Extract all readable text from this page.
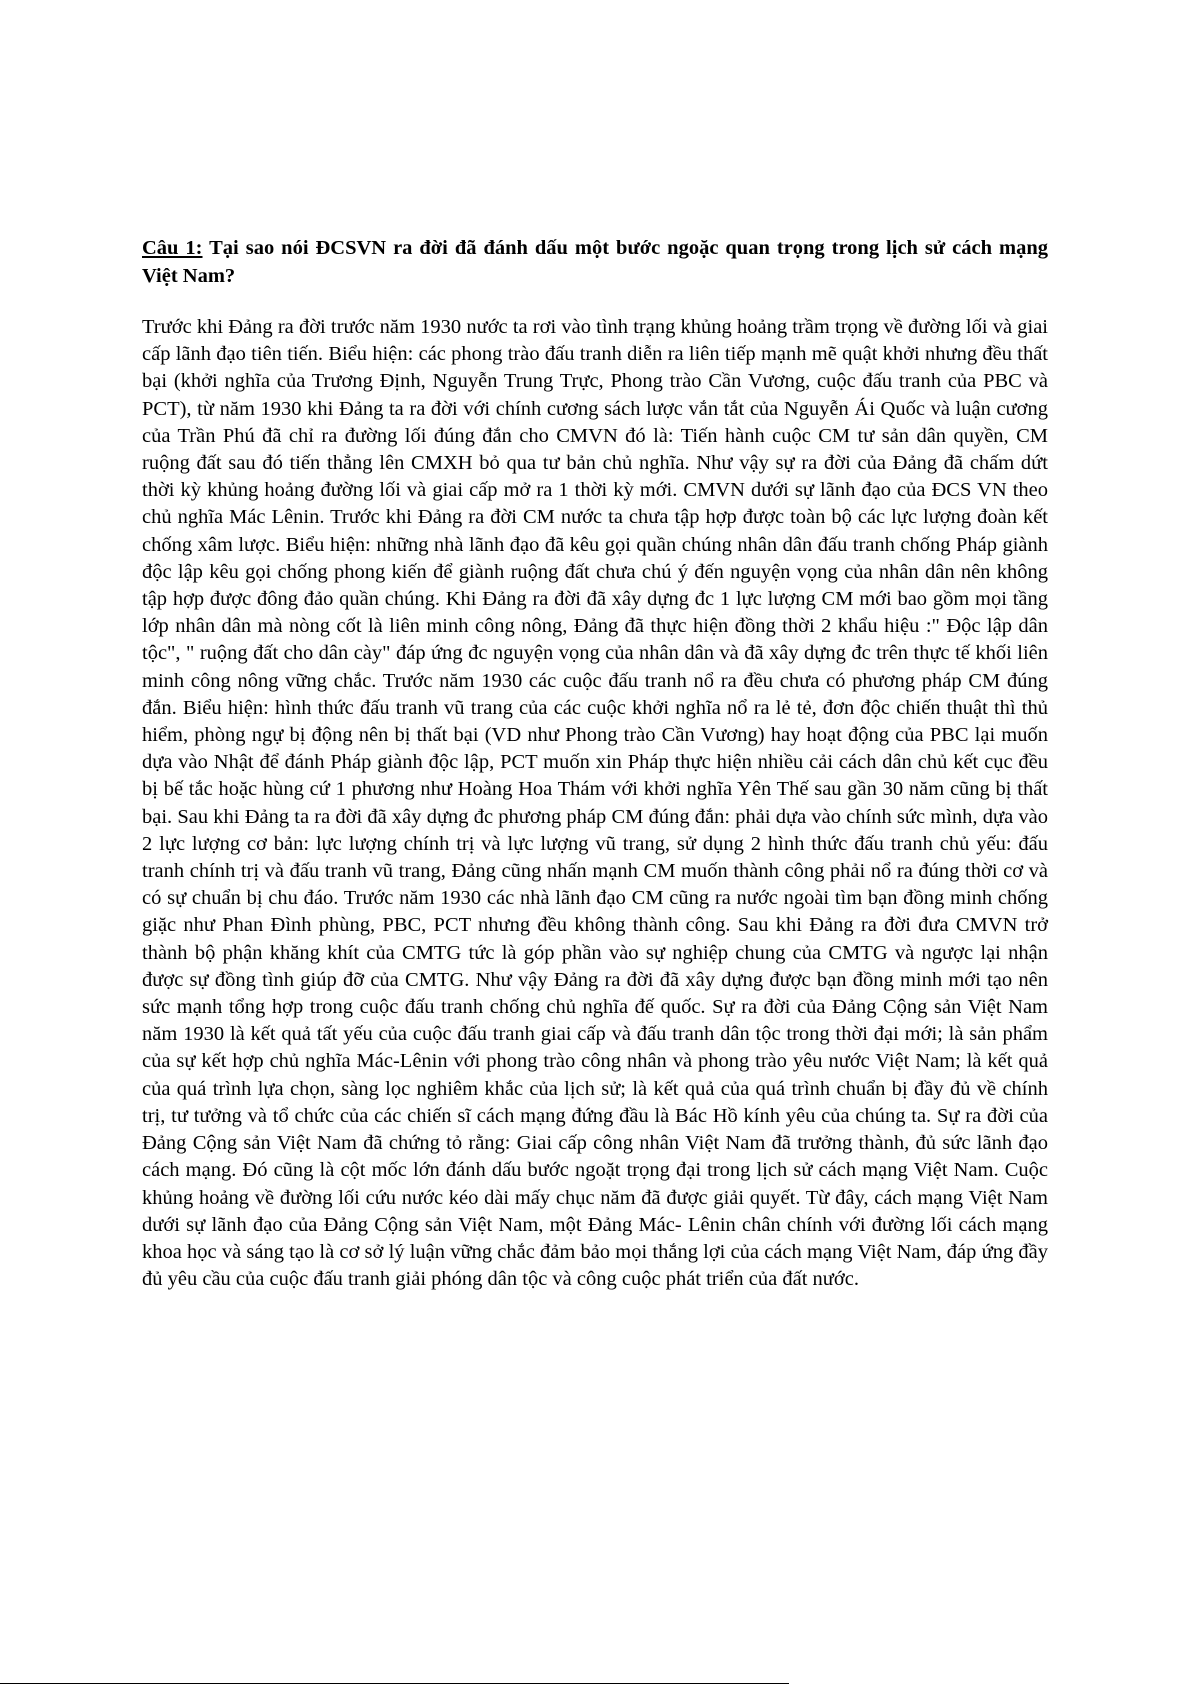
Câu 1: Tại sao nói ĐCSVN ra đời đã đánh dấu một bước ngoặc quan trọng trong lịch sử cách mạng Việt Nam?

Trước khi Đảng ra đời trước năm 1930 nước ta rơi vào tình trạng khủng hoảng trầm trọng về đường lối và giai cấp lãnh đạo tiên tiến. Biểu hiện: các phong trào đấu tranh diễn ra liên tiếp mạnh mẽ quật khởi nhưng đều thất bại (khởi nghĩa của Trương Định, Nguyễn Trung Trực, Phong trào Cần Vương, cuộc đấu tranh của PBC và PCT), từ năm 1930 khi Đảng ta ra đời với chính cương sách lược vắn tắt của Nguyễn Ái Quốc và luận cương của Trần Phú đã chỉ ra đường lối đúng đắn cho CMVN đó là: Tiến hành cuộc CM tư sản dân quyền, CM ruộng đất sau đó tiến thẳng lên CMXH bỏ qua tư bản chủ nghĩa. Như vậy sự ra đời của Đảng đã chấm dứt thời kỳ khủng hoảng đường lối và giai cấp mở ra 1 thời kỳ mới. CMVN dưới sự lãnh đạo của ĐCS VN theo chủ nghĩa Mác Lênin. Trước khi Đảng ra đời CM nước ta chưa tập hợp được toàn bộ các lực lượng đoàn kết chống xâm lược. Biểu hiện: những nhà lãnh đạo đã kêu gọi quần chúng nhân dân đấu tranh chống Pháp giành độc lập kêu gọi chống phong kiến để giành ruộng đất chưa chú ý đến nguyện vọng của nhân dân nên không tập hợp được đông đảo quần chúng. Khi Đảng ra đời đã xây dựng đc 1 lực lượng CM mới bao gồm mọi tầng lớp nhân dân mà nòng cốt là liên minh công nông, Đảng đã thực hiện đồng thời 2 khẩu hiệu :" Độc lập dân tộc", " ruộng đất cho dân cày" đáp ứng đc nguyện vọng của nhân dân và đã xây dựng đc trên thực tế khối liên minh công nông vững chắc. Trước năm 1930 các cuộc đấu tranh nổ ra đều chưa có phương pháp CM đúng đắn. Biểu hiện: hình thức đấu tranh vũ trang của các cuộc khởi nghĩa nổ ra lẻ tẻ, đơn độc chiến thuật thì thủ hiểm, phòng ngự bị động nên bị thất bại (VD như Phong trào Cần Vương) hay hoạt động của PBC lại muốn dựa vào Nhật để đánh Pháp giành độc lập, PCT muốn xin Pháp thực hiện nhiều cải cách dân chủ kết cục đều bị bế tắc hoặc hùng cứ 1 phương như Hoàng Hoa Thám với khởi nghĩa Yên Thế sau gần 30 năm cũng bị thất bại. Sau khi Đảng ta ra đời đã xây dựng đc phương pháp CM đúng đắn: phải dựa vào chính sức mình, dựa vào 2 lực lượng cơ bản: lực lượng chính trị và lực lượng vũ trang, sử dụng 2 hình thức đấu tranh chủ yếu: đấu tranh chính trị và đấu tranh vũ trang, Đảng cũng nhấn mạnh CM muốn thành công phải nổ ra đúng thời cơ và có sự chuẩn bị chu đáo. Trước năm 1930 các nhà lãnh đạo CM cũng ra nước ngoài tìm bạn đồng minh chống giặc như Phan Đình phùng, PBC, PCT nhưng đều không thành công. Sau khi Đảng ra đời đưa CMVN trở thành bộ phận khăng khít của CMTG tức là góp phần vào sự nghiệp chung của CMTG và ngược lại nhận được sự đồng tình giúp đỡ của CMTG. Như vậy Đảng ra đời đã xây dựng được bạn đồng minh mới tạo nên sức mạnh tổng hợp trong cuộc đấu tranh chống chủ nghĩa đế quốc. Sự ra đời của Đảng Cộng sản Việt Nam năm 1930 là kết quả tất yếu của cuộc đấu tranh giai cấp và đấu tranh dân tộc trong thời đại mới; là sản phẩm của sự kết hợp chủ nghĩa Mác-Lênin với phong trào công nhân và phong trào yêu nước Việt Nam; là kết quả của quá trình lựa chọn, sàng lọc nghiêm khắc của lịch sử; là kết quả của quá trình chuẩn bị đầy đủ về chính trị, tư tưởng và tổ chức của các chiến sĩ cách mạng đứng đầu là Bác Hồ kính yêu của chúng ta. Sự ra đời của Đảng Cộng sản Việt Nam đã chứng tỏ rằng: Giai cấp công nhân Việt Nam đã trưởng thành, đủ sức lãnh đạo cách mạng. Đó cũng là cột mốc lớn đánh dấu bước ngoặt trọng đại trong lịch sử cách mạng Việt Nam. Cuộc khủng hoảng về đường lối cứu nước kéo dài mấy chục năm đã được giải quyết. Từ đây, cách mạng Việt Nam dưới sự lãnh đạo của Đảng Cộng sản Việt Nam, một Đảng Mác- Lênin chân chính với đường lối cách mạng khoa học và sáng tạo là cơ sở lý luận vững chắc đảm bảo mọi thắng lợi của cách mạng Việt Nam, đáp ứng đầy đủ yêu cầu của cuộc đấu tranh giải phóng dân tộc và công cuộc phát triển của đất nước.
